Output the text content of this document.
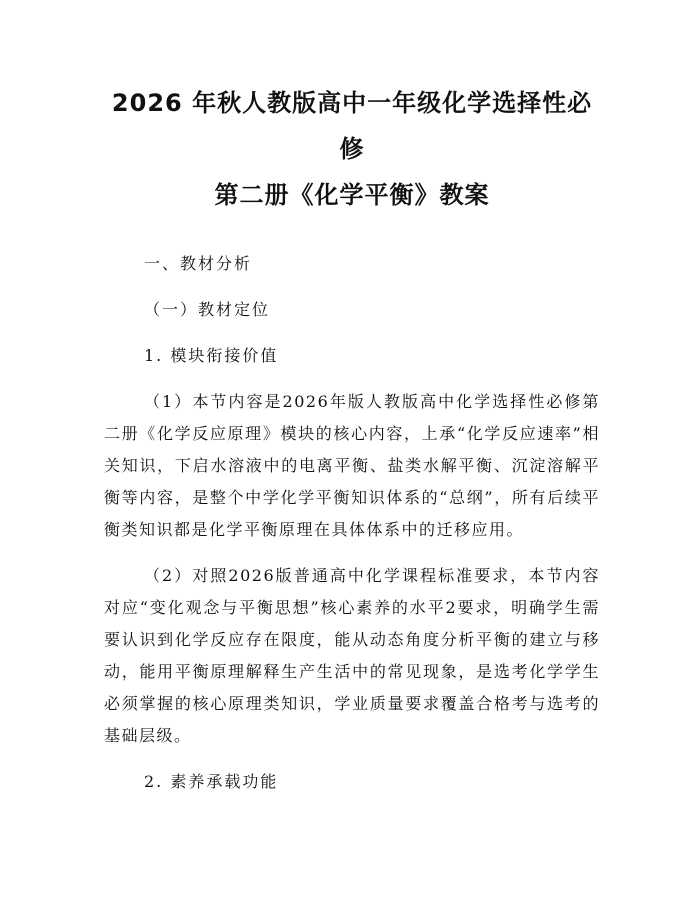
2026 年秋人教版高中一年级化学选择性必修
第二册《化学平衡》教案
一、教材分析
（一）教材定位
1. 模块衔接价值

（1）本节内容是2026年版人教版高中化学选择性必修第二册《化学反应原理》模块的核心内容，上承“化学反应速率”相关知识，下启水溶液中的电离平衡、盐类水解平衡、沉淀溶解平衡等内容，是整个中学化学平衡知识体系的“总纲”，所有后续平衡类知识都是化学平衡原理在具体体系中的迁移应用。

（2）对照2026版普通高中化学课程标准要求，本节内容对应“变化观念与平衡思想”核心素养的水平2要求，明确学生需要认识到化学反应存在限度，能从动态角度分析平衡的建立与移动，能用平衡原理解释生产生活中的常见现象，是选考化学学生必须掌握的核心原理类知识，学业质量要求覆盖合格考与选考的基础层级。

2. 素养承载功能
